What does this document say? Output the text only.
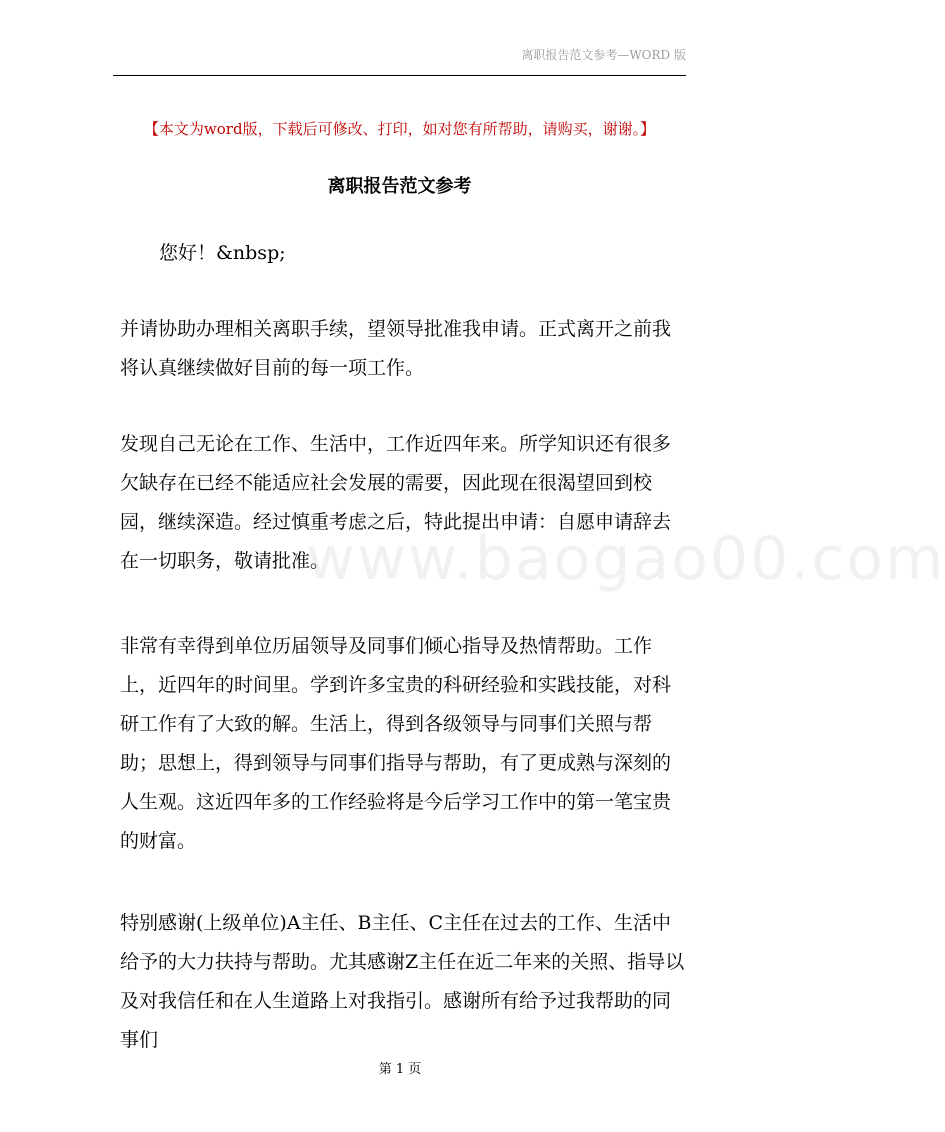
离职报告范文参考—WORD 版
【本文为word版，下载后可修改、打印，如对您有所帮助，请购买，谢谢。】
离职报告范文参考

您好！&nbsp;

并请协助办理相关离职手续，望领导批准我申请。正式离开之前我将认真继续做好目前的每一项工作。

发现自己无论在工作、生活中，工作近四年来。所学知识还有很多欠缺存在已经不能适应社会发展的需要，因此现在很渴望回到校园，继续深造。经过慎重考虑之后，特此提出申请：自愿申请辞去在一切职务，敬请批准。

非常有幸得到单位历届领导及同事们倾心指导及热情帮助。工作上，近四年的时间里。学到许多宝贵的科研经验和实践技能，对科研工作有了大致的解。生活上，得到各级领导与同事们关照与帮助；思想上，得到领导与同事们指导与帮助，有了更成熟与深刻的人生观。这近四年多的工作经验将是今后学习工作中的第一笔宝贵的财富。

特别感谢(上级单位)A主任、B主任、C主任在过去的工作、生活中给予的大力扶持与帮助。尤其感谢Z主任在近二年来的关照、指导以及对我信任和在人生道路上对我指引。感谢所有给予过我帮助的同事们

www.baogao00.com
第 1 页
